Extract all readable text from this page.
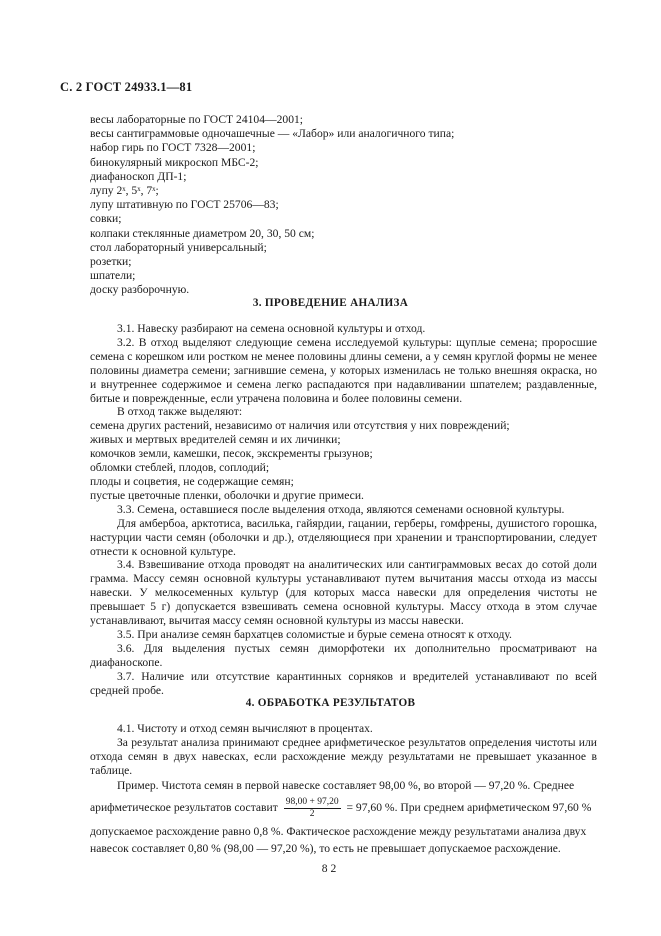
С. 2 ГОСТ 24933.1—81
весы лабораторные по ГОСТ 24104—2001;
весы сантиграммовые одночашечные — «Лабор» или аналогичного типа;
набор гирь по ГОСТ 7328—2001;
бинокулярный микроскоп МБС-2;
диафаноскоп ДП-1;
лупу 2ˣ, 5ˣ, 7ˣ;
лупу штативную по ГОСТ 25706—83;
совки;
колпаки стеклянные диаметром 20, 30, 50 см;
стол лабораторный универсальный;
розетки;
шпатели;
доску разборочную.
3. ПРОВЕДЕНИЕ АНАЛИЗА
3.1. Навеску разбирают на семена основной культуры и отход.
3.2. В отход выделяют следующие семена исследуемой культуры: щуплые семена; проросшие семена с корешком или ростком не менее половины длины семени, а у семян круглой формы не менее половины диаметра семени; загнившие семена, у которых изменилась не только внешняя окраска, но и внутреннее содержимое и семена легко распадаются при надавливании шпателем; раздавленные, битые и поврежденные, если утрачена половина и более половины семени.
В отход также выделяют:
семена других растений, независимо от наличия или отсутствия у них повреждений;
живых и мертвых вредителей семян и их личинки;
комочков земли, камешки, песок, экскременты грызунов;
обломки стеблей, плодов, соплодий;
плоды и соцветия, не содержащие семян;
пустые цветочные пленки, оболочки и другие примеси.
3.3. Семена, оставшиеся после выделения отхода, являются семенами основной культуры.
Для амбербоа, арктотиса, василька, гайярдии, гацании, герберы, гомфрены, душистого горошка, настурции части семян (оболочки и др.), отделяющиеся при хранении и транспортировании, следует отнести к основной культуре.
3.4. Взвешивание отхода проводят на аналитических или сантиграммовых весах до сотой доли грамма. Массу семян основной культуры устанавливают путем вычитания массы отхода из массы навески. У мелкосеменных культур (для которых масса навески для определения чистоты не превышает 5 г) допускается взвешивать семена основной культуры. Массу отхода в этом случае устанавливают, вычитая массу семян основной культуры из массы навески.
3.5. При анализе семян бархатцев соломистые и бурые семена относят к отходу.
3.6. Для выделения пустых семян диморфотеки их дополнительно просматривают на диафаноскопе.
3.7. Наличие или отсутствие карантинных сорняков и вредителей устанавливают по всей средней пробе.
4. ОБРАБОТКА РЕЗУЛЬТАТОВ
4.1. Чистоту и отход семян вычисляют в процентах.
За результат анализа принимают среднее арифметическое результатов определения чистоты или отхода семян в двух навесках, если расхождение между результатами не превышает указанное в таблице.
Пример. Чистота семян в первой навеске составляет 98,00 %, во второй — 97,20 %. Среднее
арифметическое результатов составит $\frac{98,00 + 97,20}{2} = 97,60$ %. При среднем арифметическом 97,60 %
допускаемое расхождение равно 0,8 %. Фактическое расхождение между результатами анализа двух
навесок составляет 0,80 % (98,00 — 97,20 %), то есть не превышает допускаемое расхождение.
82
